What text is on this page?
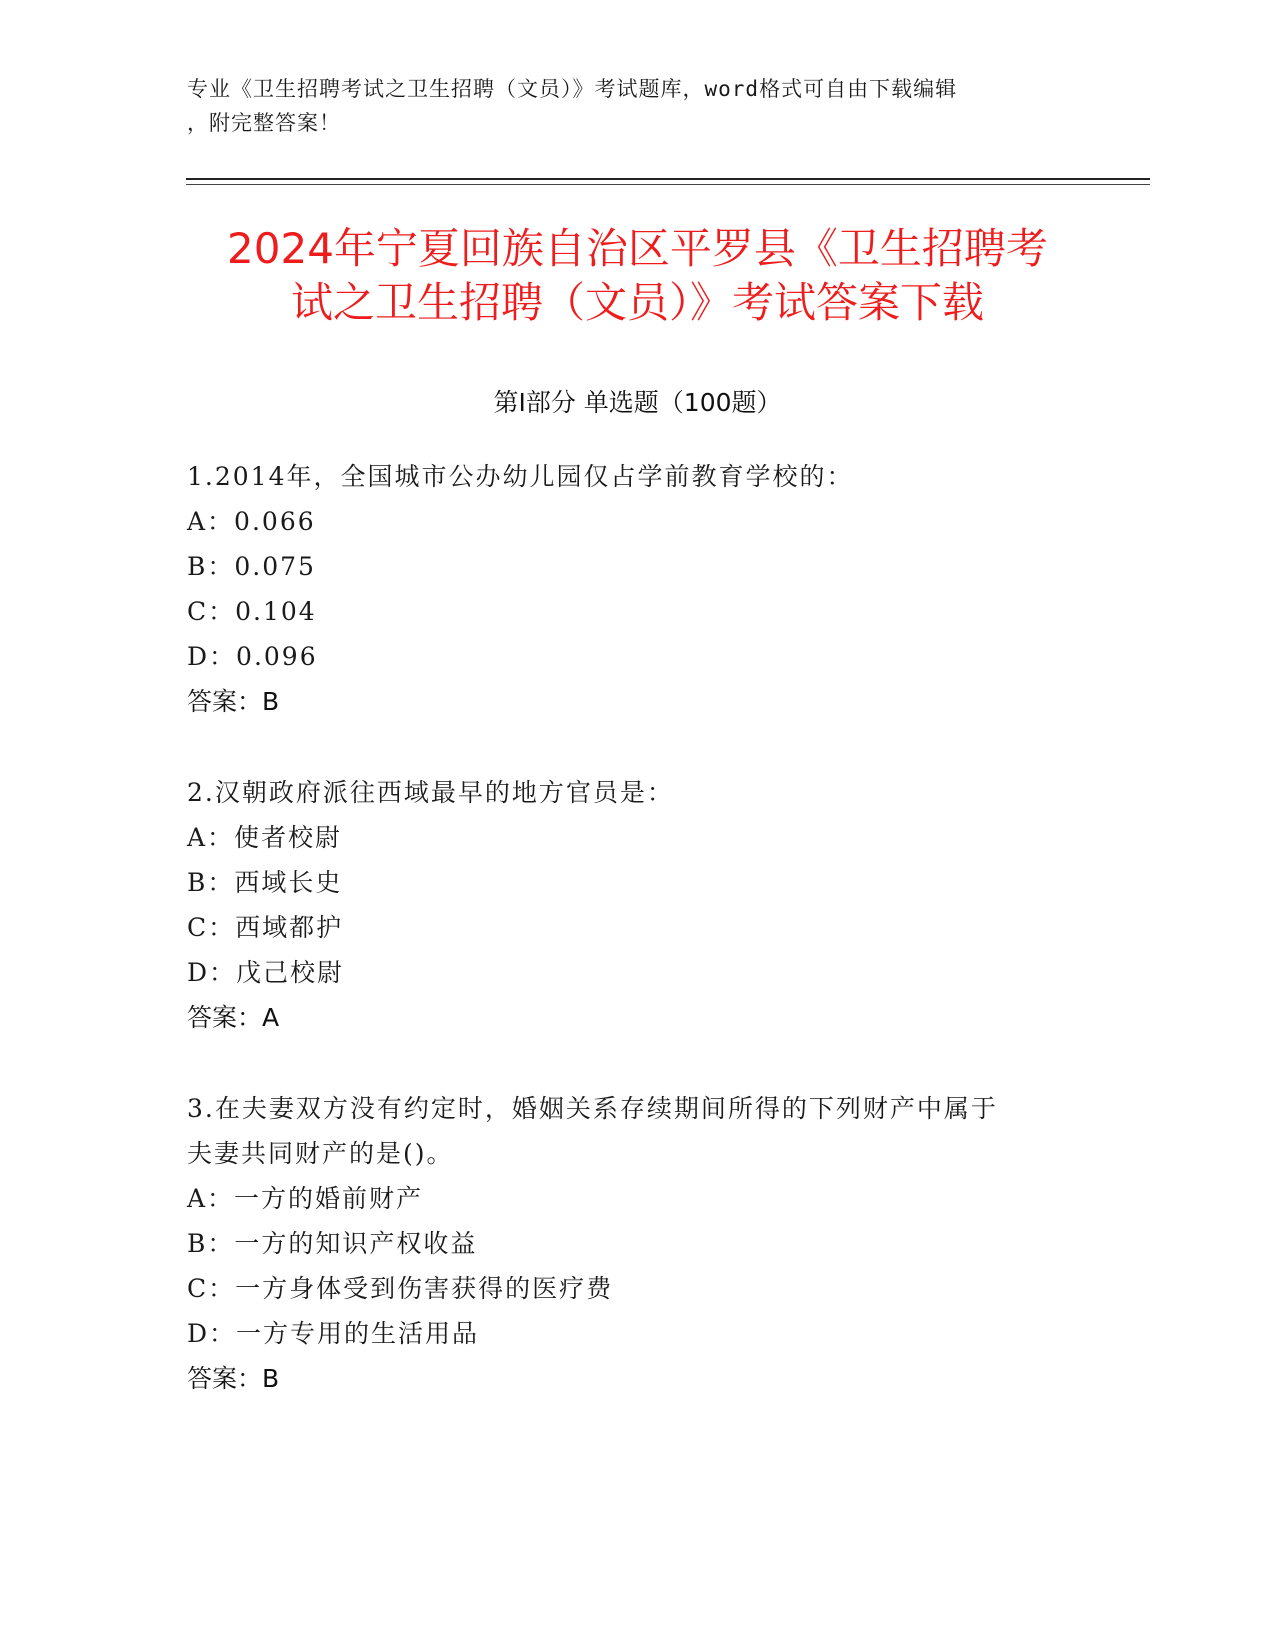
专业《卫生招聘考试之卫生招聘（文员）》考试题库，word格式可自由下载编辑
，附完整答案！
2024年宁夏回族自治区平罗县《卫生招聘考
试之卫生招聘（文员）》考试答案下载
第Ⅰ部分 单选题（100题）
1.2014年，全国城市公办幼儿园仅占学前教育学校的：
A：0.066
B：0.075
C：0.104
D：0.096
答案：B
2.汉朝政府派往西域最早的地方官员是：
A：使者校尉
B：西域长史
C：西域都护
D：戊己校尉
答案：A
3.在夫妻双方没有约定时，婚姻关系存续期间所得的下列财产中属于
夫妻共同财产的是()。
A：一方的婚前财产
B：一方的知识产权收益
C：一方身体受到伤害获得的医疗费
D：一方专用的生活用品
答案：B
